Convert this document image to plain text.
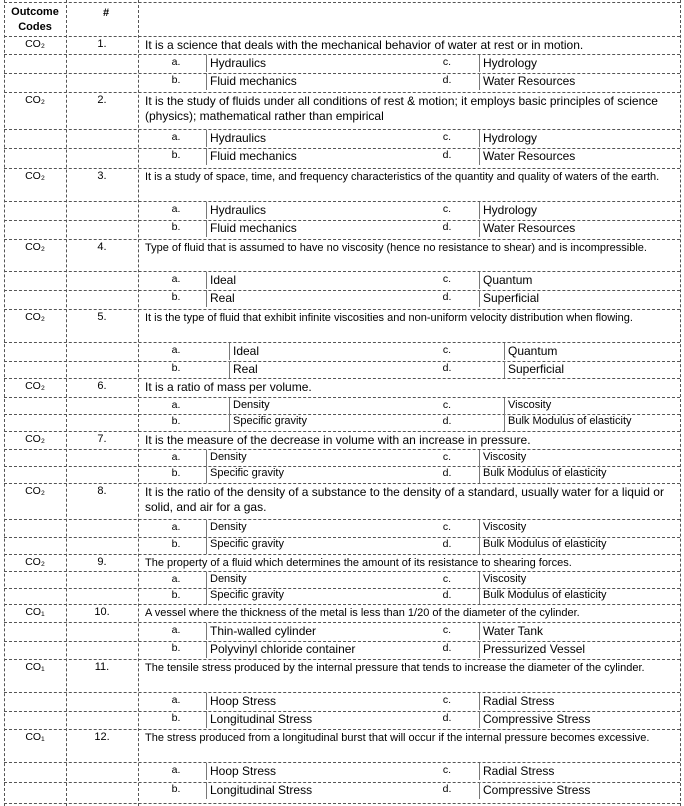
Outcome Codes
#
CO₂	1.	It is a science that deals with the mechanical behavior of water at rest or in motion.
a.	Hydraulics
b.	Fluid mechanics
c.	Hydrology
d.	Water Resources
CO₂	2.	It is the study of fluids under all conditions of rest & motion; it employs basic principles of science (physics); mathematical rather than empirical
a.	Hydraulics
b.	Fluid mechanics
c.	Hydrology
d.	Water Resources
CO₂	3.	It is a study of space, time, and frequency characteristics of the quantity and quality of waters of the earth.
a.	Hydraulics
b.	Fluid mechanics
c.	Hydrology
d.	Water Resources
CO₂	4.	Type of fluid that is assumed to have no viscosity (hence no resistance to shear) and is incompressible.
a.	Ideal
b.	Real
c.	Quantum
d.	Superficial
CO₂	5.	It is the type of fluid that exhibit infinite viscosities and non-uniform velocity distribution when flowing.
a.	Ideal
b.	Real
c.	Quantum
d.	Superficial
CO₂	6.	It is a ratio of mass per volume.
a.	Density
b.	Specific gravity
c.	Viscosity
d.	Bulk Modulus of elasticity
CO₂	7.	It is the measure of the decrease in volume with an increase in pressure.
a.	Density
b.	Specific gravity
c.	Viscosity
d.	Bulk Modulus of elasticity
CO₂	8.	It is the ratio of the density of a substance to the density of a standard, usually water for a liquid or solid, and air for a gas.
a.	Density
b.	Specific gravity
c.	Viscosity
d.	Bulk Modulus of elasticity
CO₂	9.	The property of a fluid which determines the amount of its resistance to shearing forces.
a.	Density
b.	Specific gravity
c.	Viscosity
d.	Bulk Modulus of elasticity
CO₁	10.	A vessel where the thickness of the metal is less than 1/20 of the diameter of the cylinder.
a.	Thin-walled cylinder
b.	Polyvinyl chloride container
c.	Water Tank
d.	Pressurized Vessel
CO₁	11.	The tensile stress produced by the internal pressure that tends to increase the diameter of the cylinder.
a.	Hoop Stress
b.	Longitudinal Stress
c.	Radial Stress
d.	Compressive Stress
CO₁	12.	The stress produced from a longitudinal burst that will occur if the internal pressure becomes excessive.
a.	Hoop Stress
b.	Longitudinal Stress
c.	Radial Stress
d.	Compressive Stress
